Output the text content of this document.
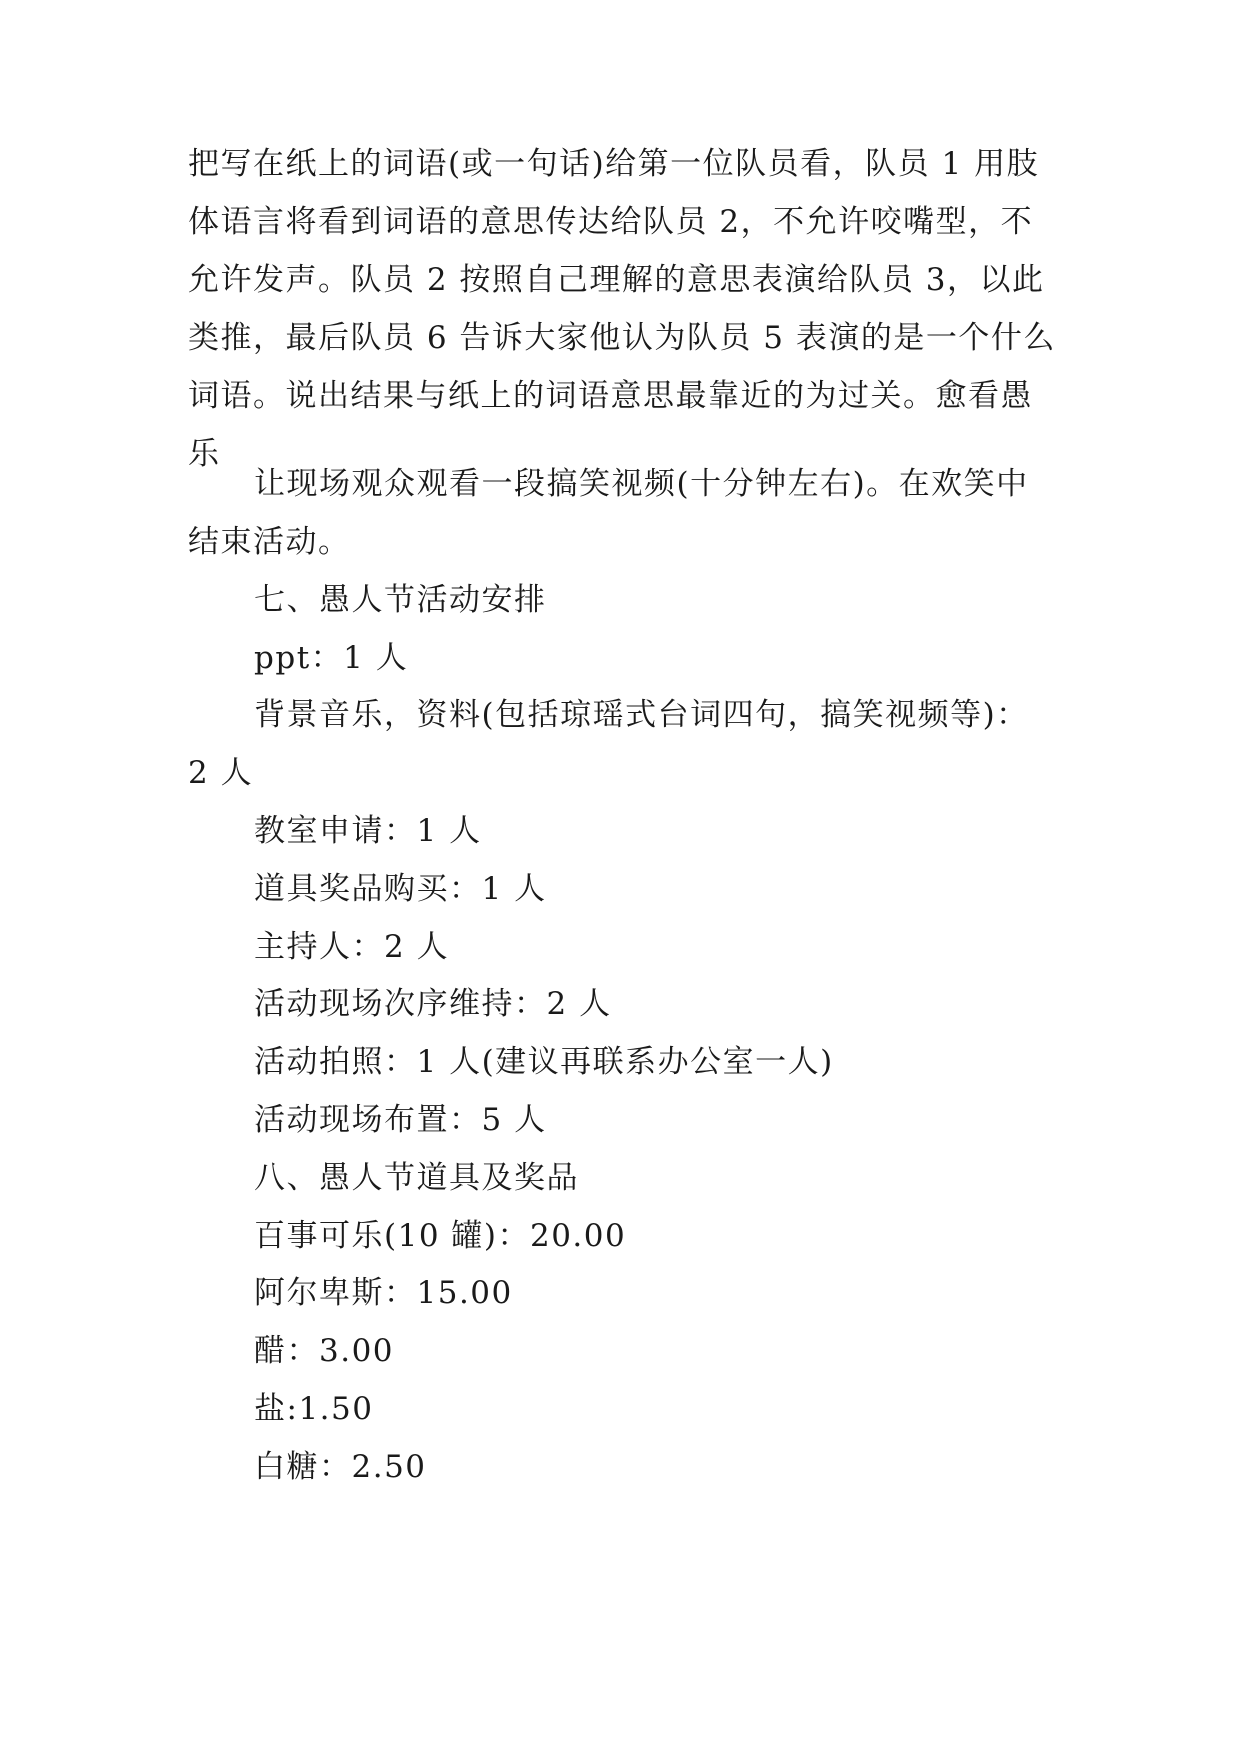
把写在纸上的词语(或一句话)给第一位队员看，队员 1 用肢
体语言将看到词语的意思传达给队员 2，不允许咬嘴型，不
允许发声。队员 2 按照自己理解的意思表演给队员 3，以此
类推，最后队员 6 告诉大家他认为队员 5 表演的是一个什么
词语。说出结果与纸上的词语意思最靠近的为过关。愈看愚
乐
让现场观众观看一段搞笑视频(十分钟左右)。在欢笑中
结束活动。

七、愚人节活动安排

ppt：1 人

背景音乐，资料(包括琼瑶式台词四句，搞笑视频等)：
2 人

教室申请：1 人

道具奖品购买：1 人

主持人：2 人

活动现场次序维持：2 人

活动拍照：1 人(建议再联系办公室一人)

活动现场布置：5 人

八、愚人节道具及奖品

百事可乐(10 罐)：20.00

阿尔卑斯：15.00

醋：3.00

盐:1.50

白糖：2.50
